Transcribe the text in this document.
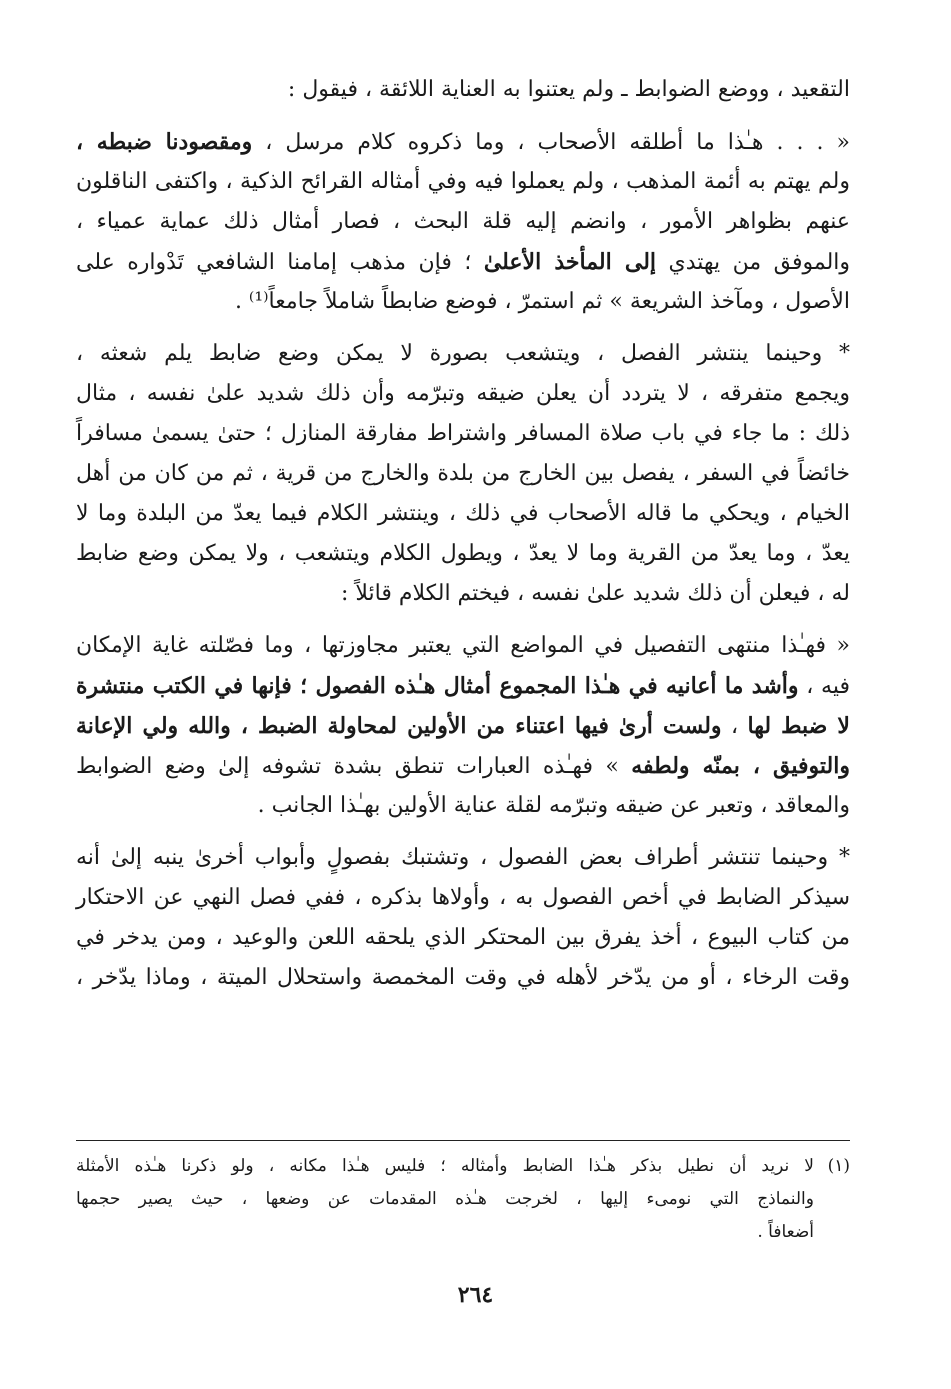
التقعيد ، ووضع الضوابط ـ ولم يعتنوا به العناية اللائقة ، فيقول :
« . . . هـٰذا ما أطلقه الأصحاب ، وما ذكروه كلام مرسل ، ومقصودنا ضبطه ،
ولم يهتم به أئمة المذهب ، ولم يعملوا فيه وفي أمثاله القرائح الذكية ، واكتفى الناقلون
عنهم بظواهر الأمور ، وانضم إليه قلة البحث ، فصار أمثال ذلك عماية عمياء ،
والموفق من يهتدي إلى المأخذ الأعلىٰ ؛ فإن مذهب إمامنا الشافعي تَدْواره على
الأصول ، ومآخذ الشريعة » ثم استمرّ ، فوضع ضابطاً شاملاً جامعاً⁽¹⁾ .
* وحينما ينتشر الفصل ، ويتشعب بصورة لا يمكن وضع ضابط يلم شعثه ،
ويجمع متفرقه ، لا يتردد أن يعلن ضيقه وتبرّمه وأن ذلك شديد علىٰ نفسه ، مثال
ذلك : ما جاء في باب صلاة المسافر واشتراط مفارقة المنازل ؛ حتىٰ يسمىٰ مسافراً
خائضاً في السفر ، يفصل بين الخارج من بلدة والخارج من قرية ، ثم من كان من أهل
الخيام ، ويحكي ما قاله الأصحاب في ذلك ، وينتشر الكلام فيما يعدّ من البلدة وما لا
يعدّ ، وما يعدّ من القرية وما لا يعدّ ، ويطول الكلام ويتشعب ، ولا يمكن وضع ضابط
له ، فيعلن أن ذلك شديد علىٰ نفسه ، فيختم الكلام قائلاً :
« فهـٰذا منتهى التفصيل في المواضع التي يعتبر مجاوزتها ، وما فصّلته غاية الإمكان
فيه ، وأشد ما أعانيه في هـٰذا المجموع أمثال هـٰذه الفصول ؛ فإنها في الكتب منتشرة
لا ضبط لها ، ولست أرىٰ فيها اعتناء من الأولين لمحاولة الضبط ، والله ولي الإعانة
والتوفيق ، بمنّه ولطفه » فهـٰذه العبارات تنطق بشدة تشوفه إلىٰ وضع الضوابط
والمعاقد ، وتعبر عن ضيقه وتبرّمه لقلة عناية الأولين بهـٰذا الجانب .
* وحينما تنتشر أطراف بعض الفصول ، وتشتبك بفصولٍ وأبواب أخرىٰ ينبه إلىٰ أنه
سيذكر الضابط في أخص الفصول به ، وأولاها بذكره ، ففي فصل النهي عن الاحتكار
من كتاب البيوع ، أخذ يفرق بين المحتكر الذي يلحقه اللعن والوعيد ، ومن يدخر في
وقت الرخاء ، أو من يدّخر لأهله في وقت المخمصة واستحلال الميتة ، وماذا يدّخر ،
(١)لا نريد أن نطيل بذكر هـٰذا الضابط وأمثاله ؛ فليس هـٰذا مكانه ، ولو ذكرنا هـٰذه الأمثلة
والنماذج التي نومىء إليها ، لخرجت هـٰذه المقدمات عن وضعها ، حيث يصير حجمها
أضعافاً .
٢٦٤
